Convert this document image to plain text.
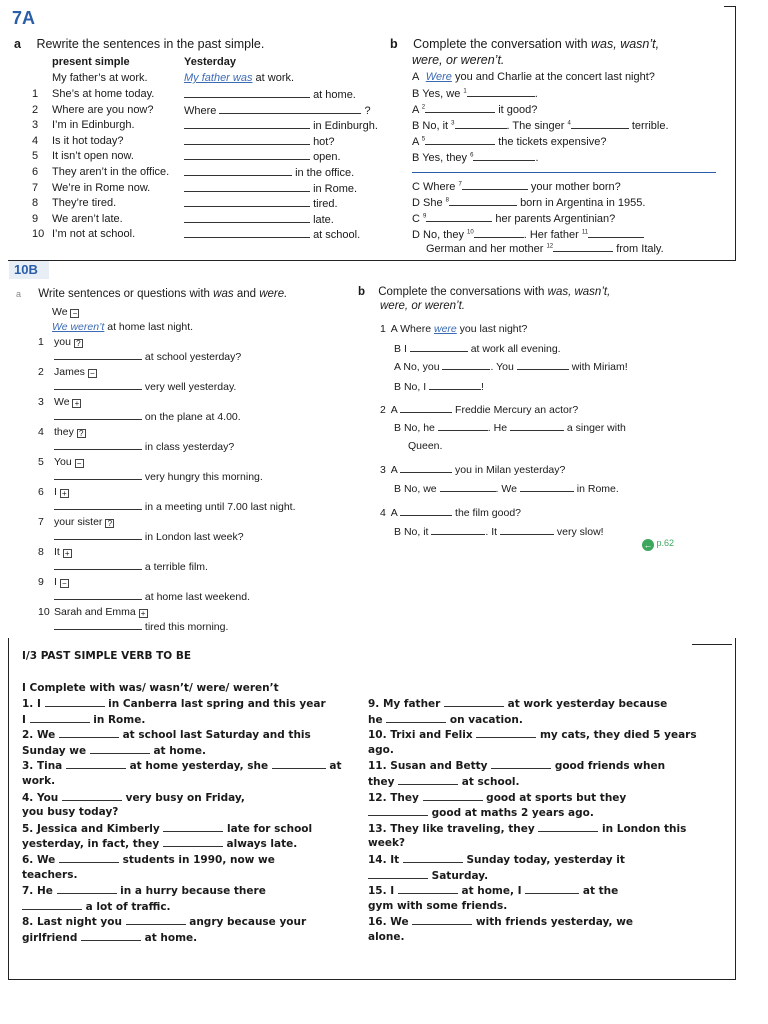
7A
a Rewrite the sentences in the past simple.
present simple	Yesterday
My father’s at work.	My father was at work.
1 She’s at home today.	at home.
2 Where are you now?	Where	?
3 I’m in Edinburgh.	in Edinburgh.
4 Is it hot today?	hot?
5 It isn’t open now.	open.
6 They aren’t in the office.	in the office.
7 We’re in Rome now.	in Rome.
8 They’re tired.	tired.
9 We aren’t late.	late.
10 I’m not at school.	at school.
b Complete the conversation with was, wasn’t,
were, or weren’t.
A Were you and Charlie at the concert last night?
B Yes, we $^1$	.
A $^2$	it good?
B No, it $^3$	. The singer $^4$	terrible.
A $^5$	the tickets expensive?
B Yes, they $^6$	.
C Where $^7$	your mother born?
D She $^8$	born in Argentina in 1955.
C $^9$	her parents Argentinian?
D No, they $^{10}$	. Her father $^{11}$
German and her mother $^{12}$	from Italy.
10B
a Write sentences or questions with was and were.
We −
We weren’t at home last night.
1 you ?
at school yesterday?
2 James −
very well yesterday.
3 We +
on the plane at 4.00.
4 they ?
in class yesterday?
5 You −
very hungry this morning.
6 I +
in a meeting until 7.00 last night.
7 your sister ?
in London last week?
8 It +
a terrible film.
9 I −
at home last weekend.
10 Sarah and Emma +
tired this morning.
b Complete the conversations with was, wasn’t,
were, or weren’t.
1 A Where were you last night?
B I	at work all evening.
A No, you	. You	with Miriam!
B No, I	!
2 A	Freddie Mercury an actor?
B No, he	. He	a singer with
Queen.
3 A	you in Milan yesterday?
B No, we	. We	in Rome.
4 A	the film good?
B No, it	. It	very slow!
← p.62
I/3 PAST SIMPLE VERB TO BE
I Complete with was/ wasn’t/ were/ weren’t
1. I	in Canberra last spring and this year
I	in Rome.
2. We	at school last Saturday and this
Sunday we	at home.
3. Tina	at home yesterday, she	at
work.
4. You	very busy on Friday,
you busy today?
5. Jessica and Kimberly	late for school
yesterday, in fact, they	always late.
6. We	students in 1990, now we
teachers.
7. He	in a hurry because there
a lot of traffic.
8. Last night you	angry because your
girlfriend	at home.
9. My father	at work yesterday because
he	on vacation.
10. Trixi and Felix	my cats, they died 5 years
ago.
11. Susan and Betty	good friends when
they	at school.
12. They	good at sports but they
good at maths 2 years ago.
13. They like traveling, they	in London this
week?
14. It	Sunday today, yesterday it
Saturday.
15. I	at home, I	at the
gym with some friends.
16. We	with friends yesterday, we
alone.
